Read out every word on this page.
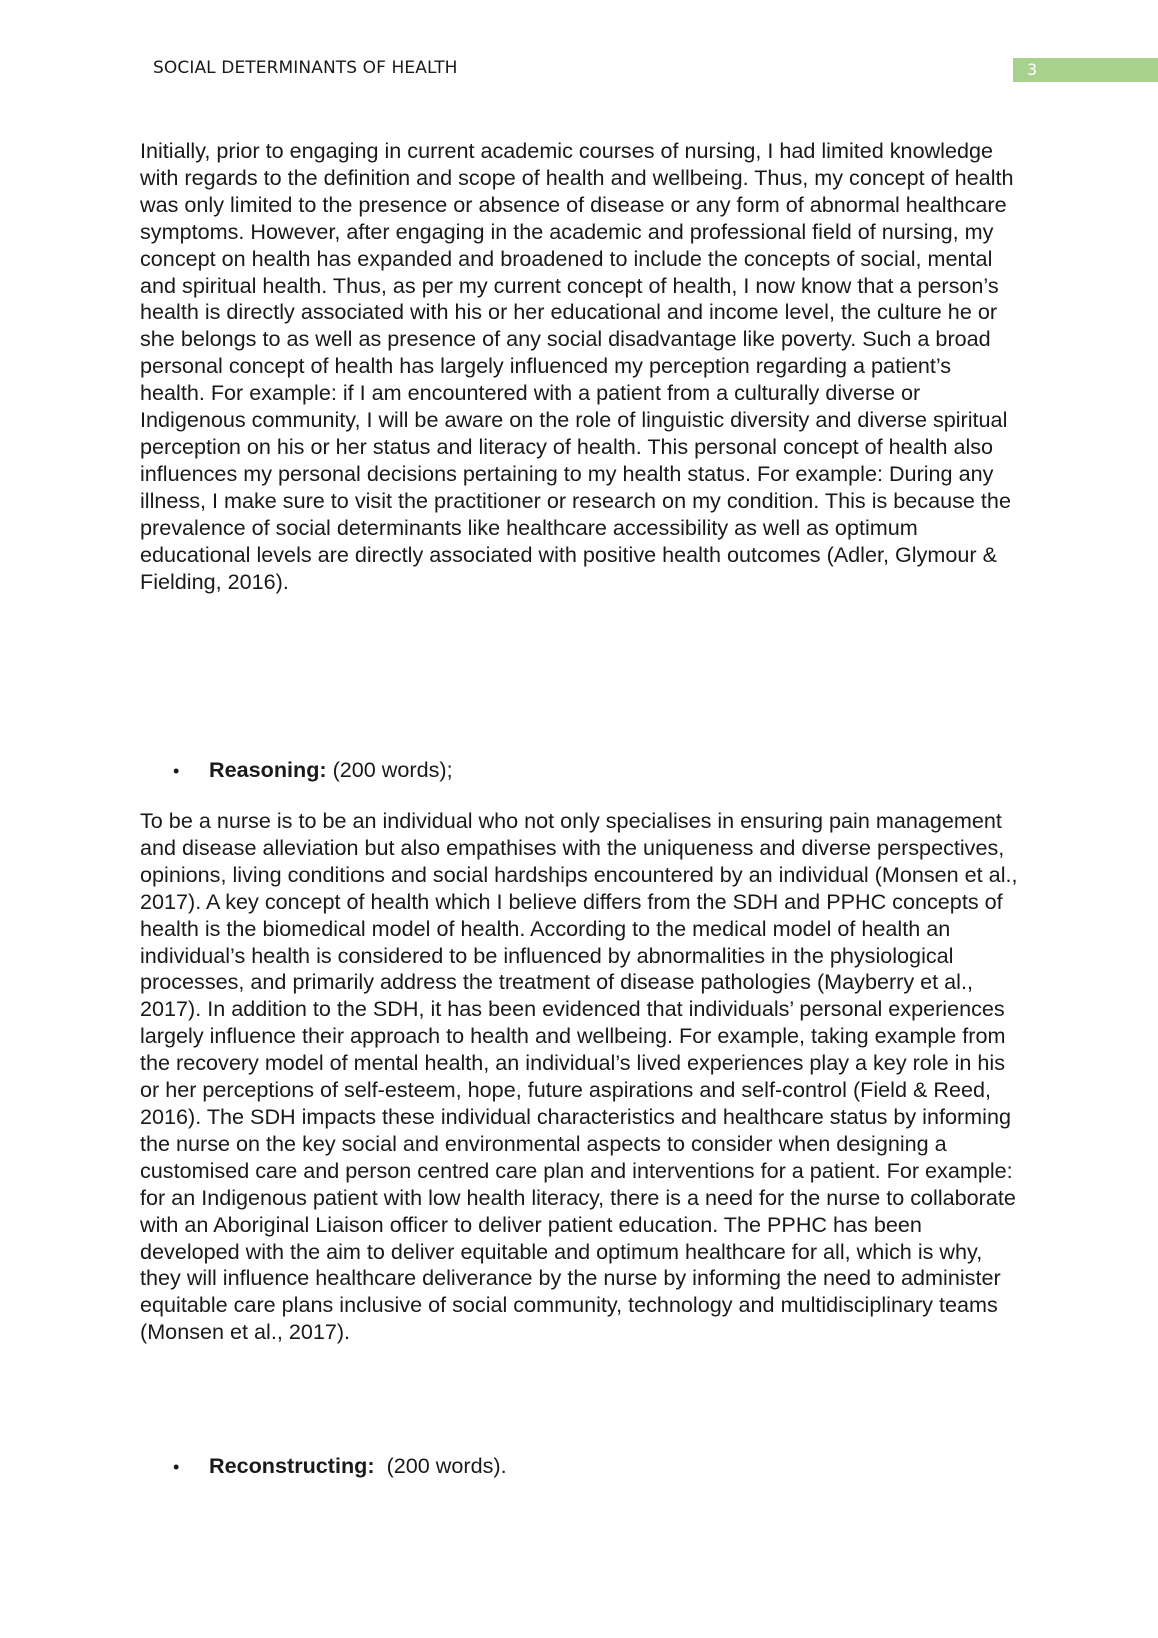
SOCIAL DETERMINANTS OF HEALTH	3

Initially, prior to engaging in current academic courses of nursing, I had limited knowledge with regards to the definition and scope of health and wellbeing. Thus, my concept of health was only limited to the presence or absence of disease or any form of abnormal healthcare symptoms. However, after engaging in the academic and professional field of nursing, my concept on health has expanded and broadened to include the concepts of social, mental and spiritual health. Thus, as per my current concept of health, I now know that a person’s health is directly associated with his or her educational and income level, the culture he or she belongs to as well as presence of any social disadvantage like poverty. Such a broad personal concept of health has largely influenced my perception regarding a patient’s health. For example: if I am encountered with a patient from a culturally diverse or Indigenous community, I will be aware on the role of linguistic diversity and diverse spiritual perception on his or her status and literacy of health. This personal concept of health also influences my personal decisions pertaining to my health status. For example: During any illness, I make sure to visit the practitioner or research on my condition. This is because the prevalence of social determinants like healthcare accessibility as well as optimum educational levels are directly associated with positive health outcomes (Adler, Glymour & Fielding, 2016).

• Reasoning: (200 words);

To be a nurse is to be an individual who not only specialises in ensuring pain management and disease alleviation but also empathises with the uniqueness and diverse perspectives, opinions, living conditions and social hardships encountered by an individual (Monsen et al., 2017). A key concept of health which I believe differs from the SDH and PPHC concepts of health is the biomedical model of health. According to the medical model of health an individual’s health is considered to be influenced by abnormalities in the physiological processes, and primarily address the treatment of disease pathologies (Mayberry et al., 2017). In addition to the SDH, it has been evidenced that individuals’ personal experiences largely influence their approach to health and wellbeing. For example, taking example from the recovery model of mental health, an individual’s lived experiences play a key role in his or her perceptions of self-esteem, hope, future aspirations and self-control (Field & Reed, 2016). The SDH impacts these individual characteristics and healthcare status by informing the nurse on the key social and environmental aspects to consider when designing a customised care and person centred care plan and interventions for a patient. For example: for an Indigenous patient with low health literacy, there is a need for the nurse to collaborate with an Aboriginal Liaison officer to deliver patient education. The PPHC has been developed with the aim to deliver equitable and optimum healthcare for all, which is why, they will influence healthcare deliverance by the nurse by informing the need to administer equitable care plans inclusive of social community, technology and multidisciplinary teams (Monsen et al., 2017).

• Reconstructing: (200 words).
